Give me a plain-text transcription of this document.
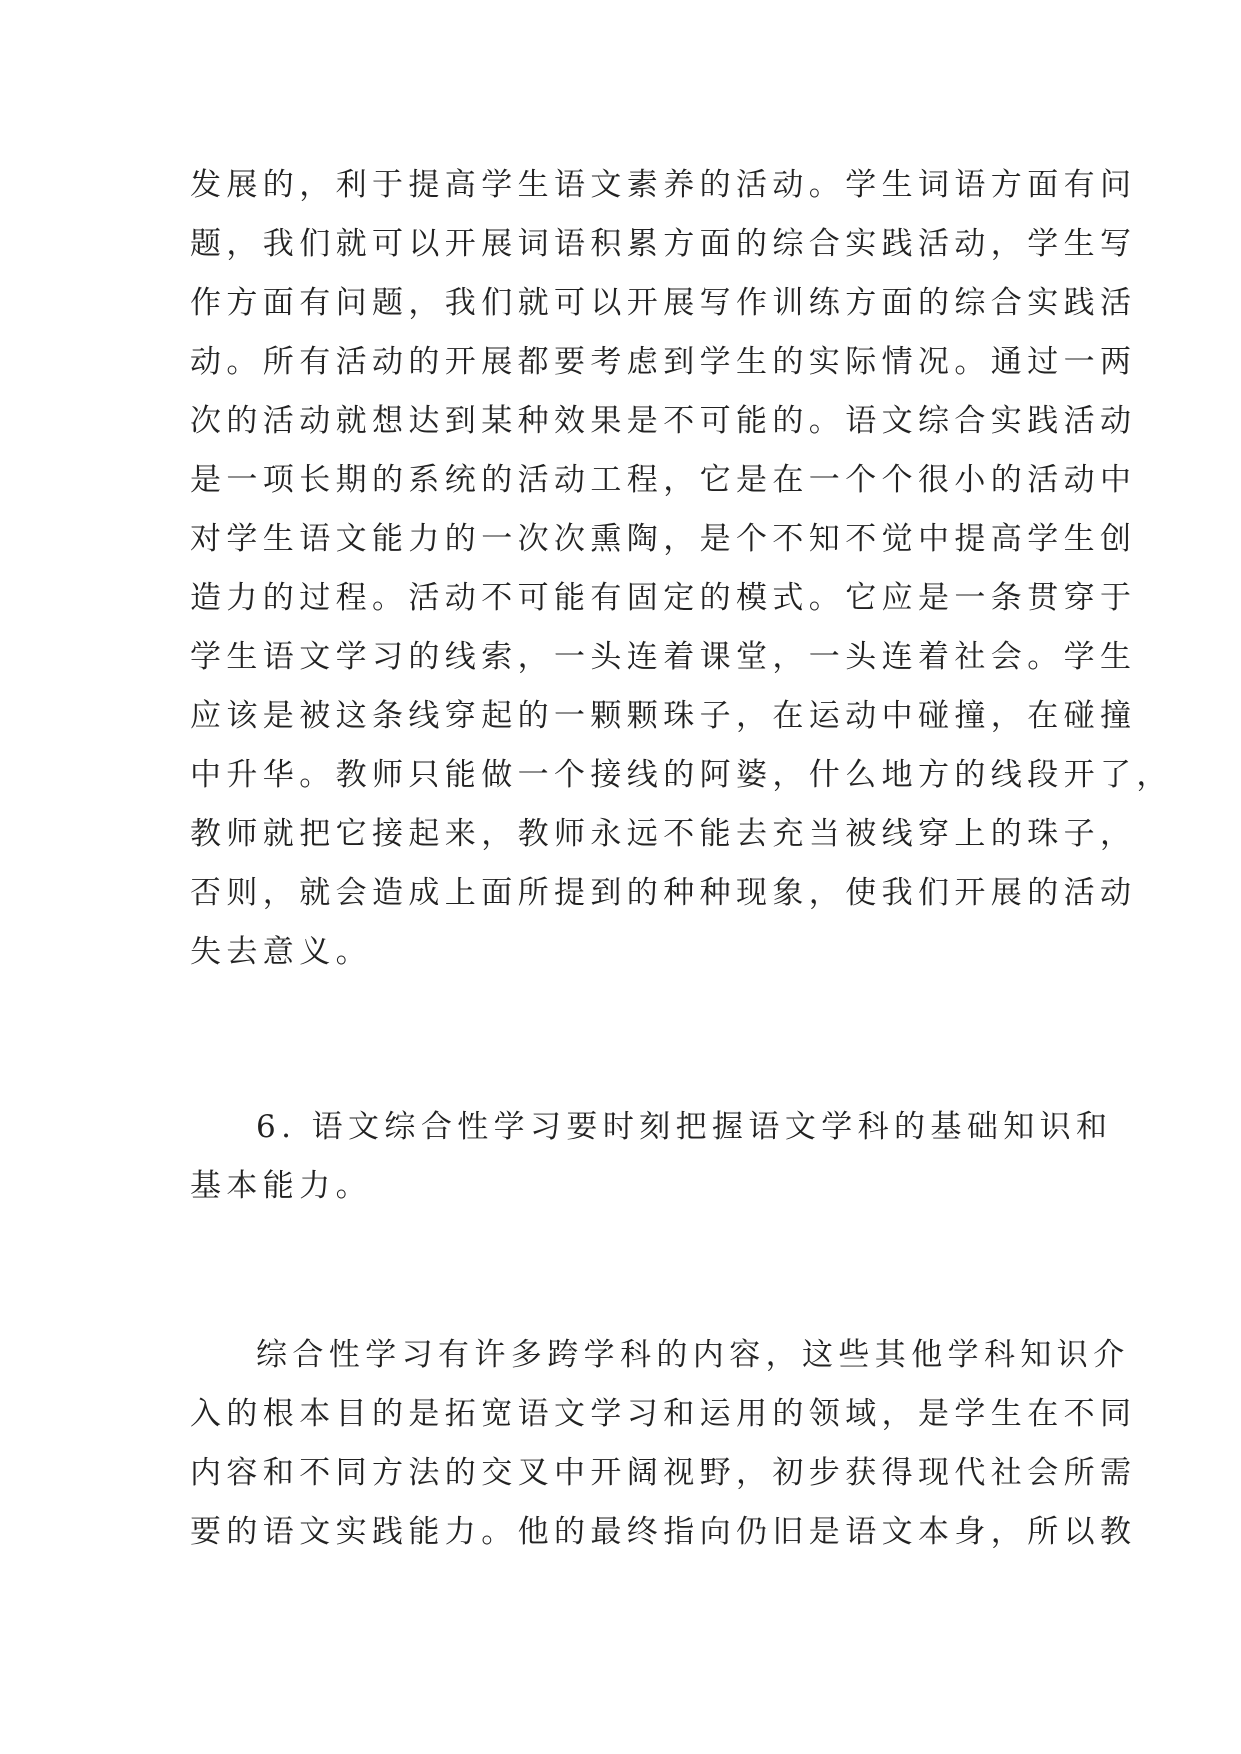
发展的，利于提高学生语文素养的活动。学生词语方面有问
题，我们就可以开展词语积累方面的综合实践活动，学生写
作方面有问题，我们就可以开展写作训练方面的综合实践活
动。所有活动的开展都要考虑到学生的实际情况。通过一两
次的活动就想达到某种效果是不可能的。语文综合实践活动
是一项长期的系统的活动工程，它是在一个个很小的活动中
对学生语文能力的一次次熏陶，是个不知不觉中提高学生创
造力的过程。活动不可能有固定的模式。它应是一条贯穿于
学生语文学习的线索，一头连着课堂，一头连着社会。学生
应该是被这条线穿起的一颗颗珠子，在运动中碰撞，在碰撞
中升华。教师只能做一个接线的阿婆，什么地方的线段开了，
教师就把它接起来，教师永远不能去充当被线穿上的珠子，
否则，就会造成上面所提到的种种现象，使我们开展的活动
失去意义。
6. 语文综合性学习要时刻把握语文学科的基础知识和
基本能力。
综合性学习有许多跨学科的内容，这些其他学科知识介
入的根本目的是拓宽语文学习和运用的领域，是学生在不同
内容和不同方法的交叉中开阔视野，初步获得现代社会所需
要的语文实践能力。他的最终指向仍旧是语文本身，所以教
